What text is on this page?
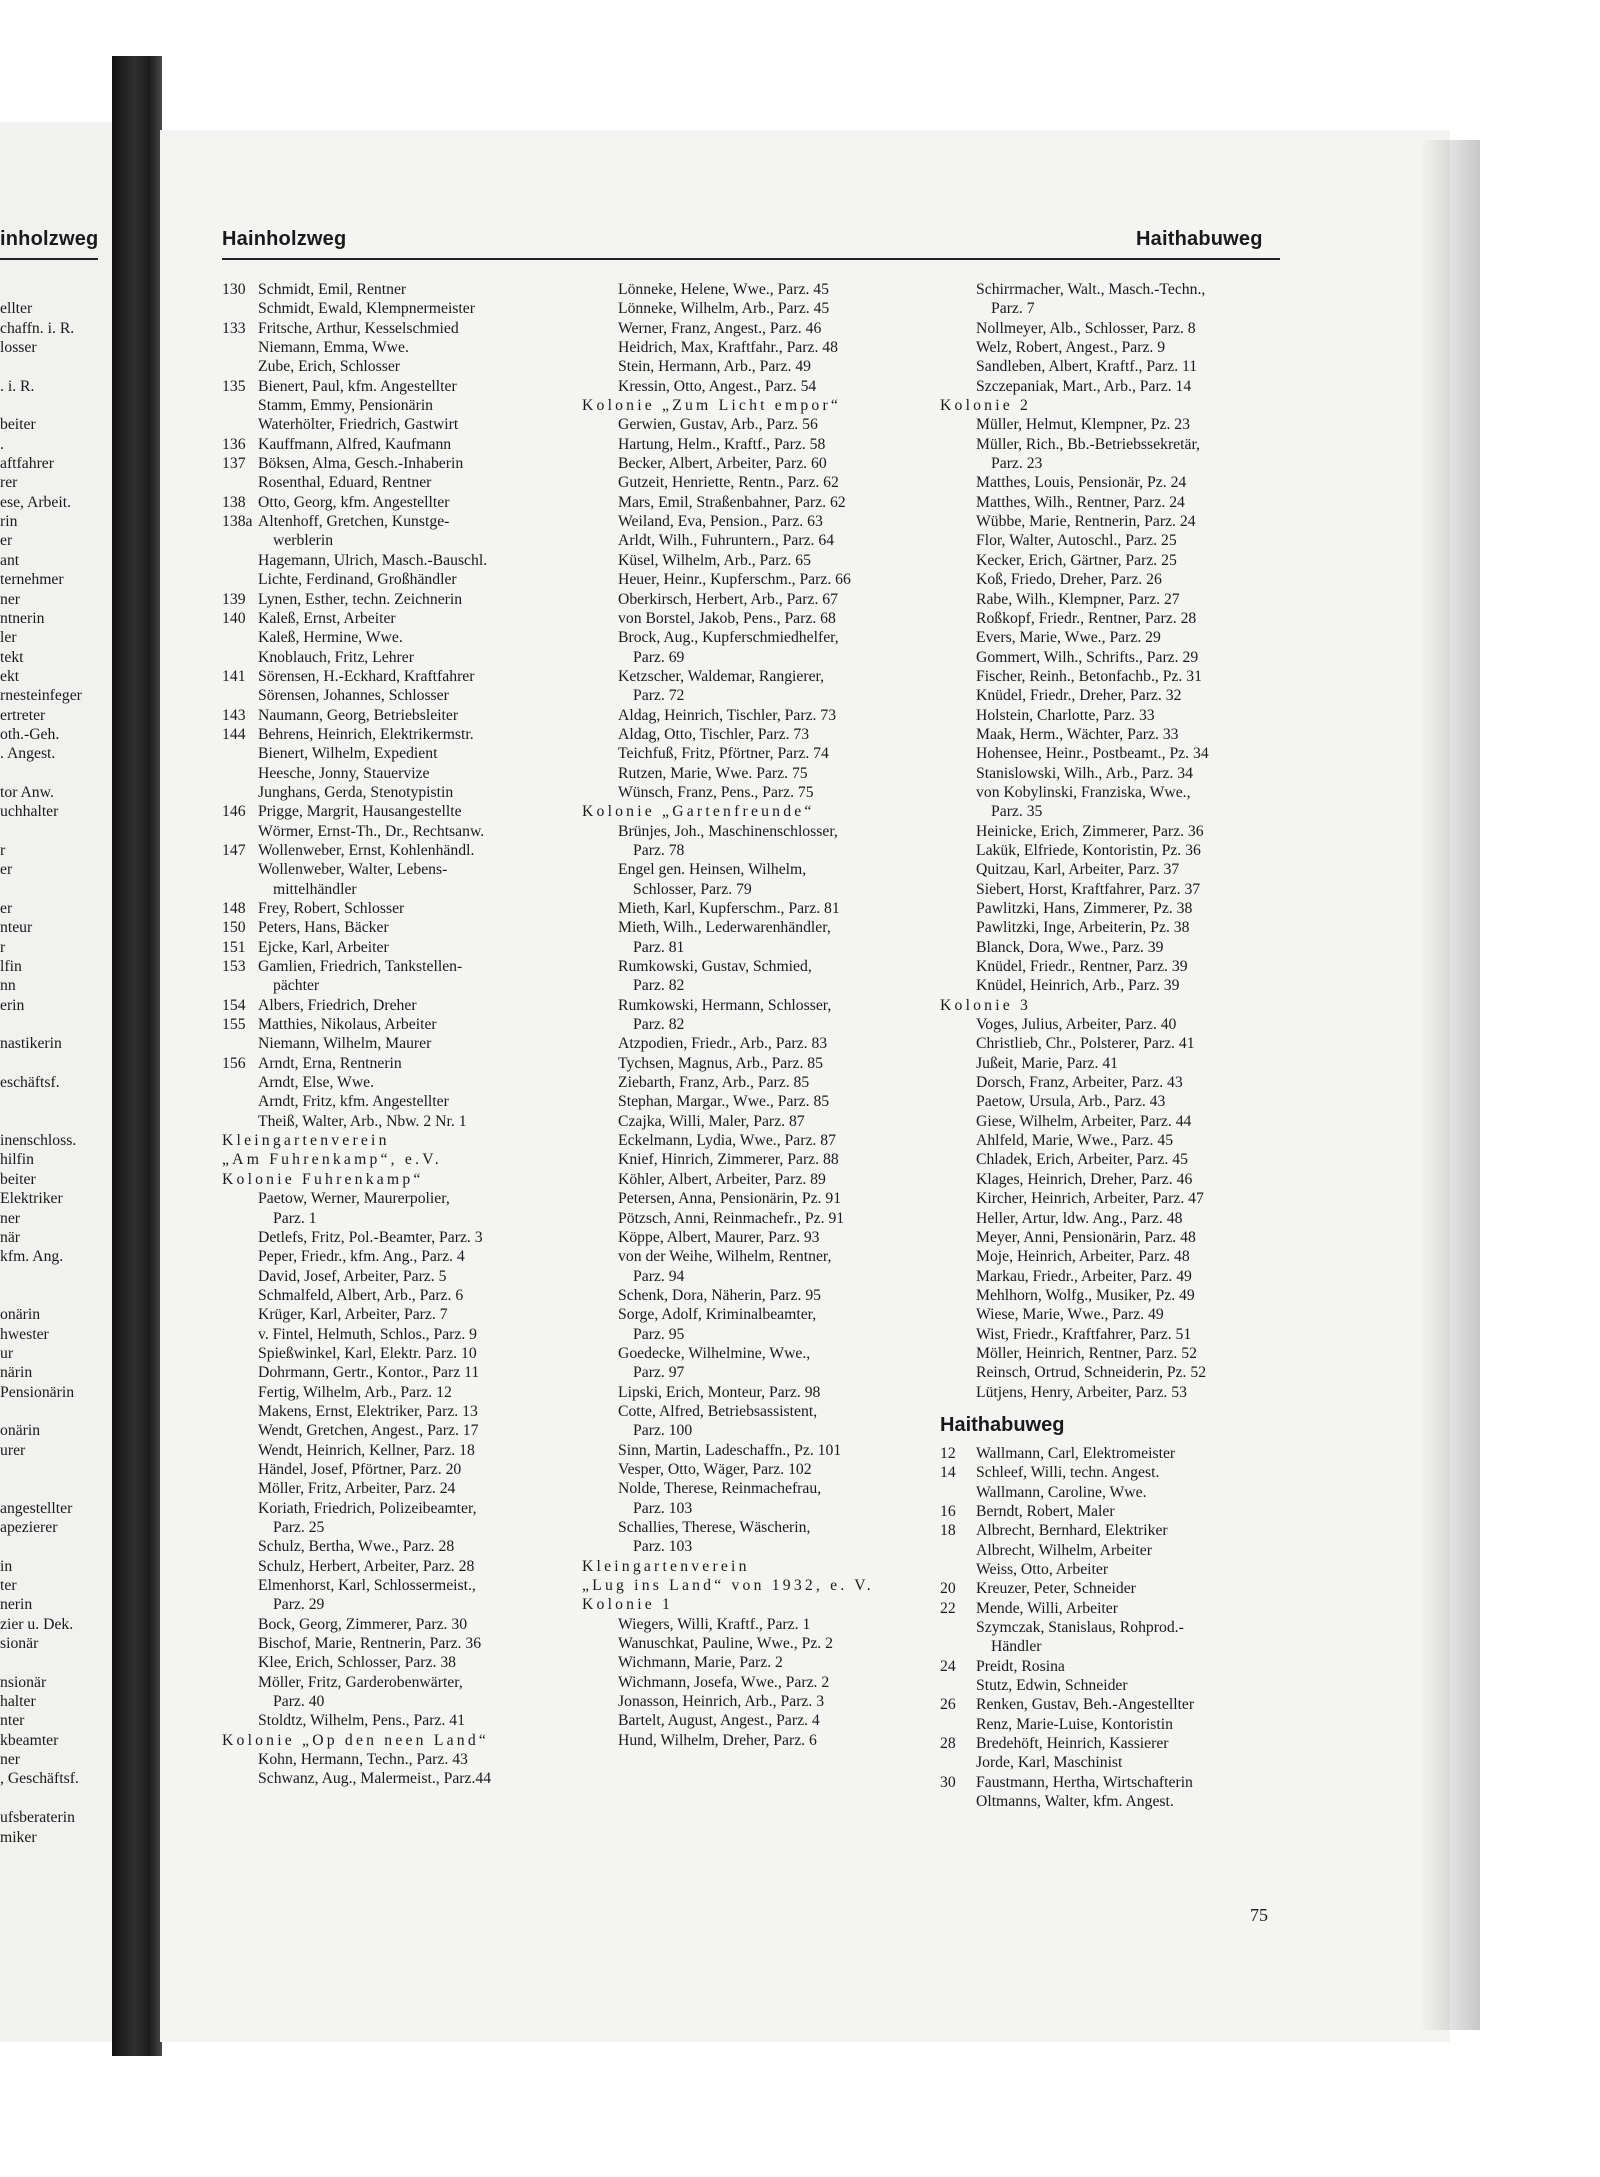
inholzweg
ellter
chaffn. i. R.
losser
. i. R.
beiter
.
aftfahrer
rer
ese, Arbeit.
rin
er
ant
ternehmer
ner
ntnerin
ler
tekt
ekt
rnesteinfeger
ertreter
oth.-Geh.
. Angest.
tor Anw.
uchhalter
r
er
er
nteur
r
lfin
nn
erin
nastikerin
eschäftsf.
inenschloss.
hilfin
beiter
Elektriker
ner
när
kfm. Ang.
onärin
hwester
ur
närin
Pensionärin
onärin
urer
angestellter
apezierer
in
ter
nerin
zier u. Dek.
sionär
nsionär
halter
nter
kbeamter
ner
, Geschäftsf.
ufsberaterin
miker
Hainholzweg	Haithabuweg
130 Schmidt, Emil, Rentner
Schmidt, Ewald, Klempnermeister
133 Fritsche, Arthur, Kesselschmied
Niemann, Emma, Wwe.
Zube, Erich, Schlosser
135 Bienert, Paul, kfm. Angestellter
Stamm, Emmy, Pensionärin
Waterhölter, Friedrich, Gastwirt
136 Kauffmann, Alfred, Kaufmann
137 Böksen, Alma, Gesch.-Inhaberin
Rosenthal, Eduard, Rentner
138 Otto, Georg, kfm. Angestellter
138a Altenhoff, Gretchen, Kunstge-
werblerin
Hagemann, Ulrich, Masch.-Bauschl.
Lichte, Ferdinand, Großhändler
139 Lynen, Esther, techn. Zeichnerin
140 Kaleß, Ernst, Arbeiter
Kaleß, Hermine, Wwe.
Knoblauch, Fritz, Lehrer
141 Sörensen, H.-Eckhard, Kraftfahrer
Sörensen, Johannes, Schlosser
143 Naumann, Georg, Betriebsleiter
144 Behrens, Heinrich, Elektrikermstr.
Bienert, Wilhelm, Expedient
Heesche, Jonny, Stauervize
Junghans, Gerda, Stenotypistin
146 Prigge, Margrit, Hausangestellte
Wörmer, Ernst-Th., Dr., Rechtsanw.
147 Wollenweber, Ernst, Kohlenhändl.
Wollenweber, Walter, Lebens-
mittelhändler
148 Frey, Robert, Schlosser
150 Peters, Hans, Bäcker
151 Ejcke, Karl, Arbeiter
153 Gamlien, Friedrich, Tankstellen-
pächter
154 Albers, Friedrich, Dreher
155 Matthies, Nikolaus, Arbeiter
Niemann, Wilhelm, Maurer
156 Arndt, Erna, Rentnerin
Arndt, Else, Wwe.
Arndt, Fritz, kfm. Angestellter
Theiß, Walter, Arb., Nbw. 2 Nr. 1
Kleingartenverein
„Am Fuhrenkamp“, e.V.
Kolonie Fuhrenkamp“
Paetow, Werner, Maurerpolier,
Parz. 1
Detlefs, Fritz, Pol.-Beamter, Parz. 3
Peper, Friedr., kfm. Ang., Parz. 4
David, Josef, Arbeiter, Parz. 5
Schmalfeld, Albert, Arb., Parz. 6
Krüger, Karl, Arbeiter, Parz. 7
v. Fintel, Helmuth, Schlos., Parz. 9
Spießwinkel, Karl, Elektr. Parz. 10
Dohrmann, Gertr., Kontor., Parz 11
Fertig, Wilhelm, Arb., Parz. 12
Makens, Ernst, Elektriker, Parz. 13
Wendt, Gretchen, Angest., Parz. 17
Wendt, Heinrich, Kellner, Parz. 18
Händel, Josef, Pförtner, Parz. 20
Möller, Fritz, Arbeiter, Parz. 24
Koriath, Friedrich, Polizeibeamter,
Parz. 25
Schulz, Bertha, Wwe., Parz. 28
Schulz, Herbert, Arbeiter, Parz. 28
Elmenhorst, Karl, Schlossermeist.,
Parz. 29
Bock, Georg, Zimmerer, Parz. 30
Bischof, Marie, Rentnerin, Parz. 36
Klee, Erich, Schlosser, Parz. 38
Möller, Fritz, Garderobenwärter,
Parz. 40
Stoldtz, Wilhelm, Pens., Parz. 41
Kolonie „Op den neen Land“
Kohn, Hermann, Techn., Parz. 43
Schwanz, Aug., Malermeist., Parz.44
Lönneke, Helene, Wwe., Parz. 45
Lönneke, Wilhelm, Arb., Parz. 45
Werner, Franz, Angest., Parz. 46
Heidrich, Max, Kraftfahr., Parz. 48
Stein, Hermann, Arb., Parz. 49
Kressin, Otto, Angest., Parz. 54
Kolonie „Zum Licht empor“
Gerwien, Gustav, Arb., Parz. 56
Hartung, Helm., Kraftf., Parz. 58
Becker, Albert, Arbeiter, Parz. 60
Gutzeit, Henriette, Rentn., Parz. 62
Mars, Emil, Straßenbahner, Parz. 62
Weiland, Eva, Pension., Parz. 63
Arldt, Wilh., Fuhruntern., Parz. 64
Küsel, Wilhelm, Arb., Parz. 65
Heuer, Heinr., Kupferschm., Parz. 66
Oberkirsch, Herbert, Arb., Parz. 67
von Borstel, Jakob, Pens., Parz. 68
Brock, Aug., Kupferschmiedhelfer,
Parz. 69
Ketzscher, Waldemar, Rangierer,
Parz. 72
Aldag, Heinrich, Tischler, Parz. 73
Aldag, Otto, Tischler, Parz. 73
Teichfuß, Fritz, Pförtner, Parz. 74
Rutzen, Marie, Wwe. Parz. 75
Wünsch, Franz, Pens., Parz. 75
Kolonie „Gartenfreunde“
Brünjes, Joh., Maschinenschlosser,
Parz. 78
Engel gen. Heinsen, Wilhelm,
Schlosser, Parz. 79
Mieth, Karl, Kupferschm., Parz. 81
Mieth, Wilh., Lederwarenhändler,
Parz. 81
Rumkowski, Gustav, Schmied,
Parz. 82
Rumkowski, Hermann, Schlosser,
Parz. 82
Atzpodien, Friedr., Arb., Parz. 83
Tychsen, Magnus, Arb., Parz. 85
Ziebarth, Franz, Arb., Parz. 85
Stephan, Margar., Wwe., Parz. 85
Czajka, Willi, Maler, Parz. 87
Eckelmann, Lydia, Wwe., Parz. 87
Knief, Hinrich, Zimmerer, Parz. 88
Köhler, Albert, Arbeiter, Parz. 89
Petersen, Anna, Pensionärin, Pz. 91
Pötzsch, Anni, Reinmachefr., Pz. 91
Köppe, Albert, Maurer, Parz. 93
von der Weihe, Wilhelm, Rentner,
Parz. 94
Schenk, Dora, Näherin, Parz. 95
Sorge, Adolf, Kriminalbeamter,
Parz. 95
Goedecke, Wilhelmine, Wwe.,
Parz. 97
Lipski, Erich, Monteur, Parz. 98
Cotte, Alfred, Betriebsassistent,
Parz. 100
Sinn, Martin, Ladeschaffn., Pz. 101
Vesper, Otto, Wäger, Parz. 102
Nolde, Therese, Reinmachefrau,
Parz. 103
Schallies, Therese, Wäscherin,
Parz. 103
Kleingartenverein
„Lug ins Land“ von 1932, e. V.
Kolonie 1
Wiegers, Willi, Kraftf., Parz. 1
Wanuschkat, Pauline, Wwe., Pz. 2
Wichmann, Marie, Parz. 2
Wichmann, Josefa, Wwe., Parz. 2
Jonasson, Heinrich, Arb., Parz. 3
Bartelt, August, Angest., Parz. 4
Hund, Wilhelm, Dreher, Parz. 6
Schirrmacher, Walt., Masch.-Techn.,
Parz. 7
Nollmeyer, Alb., Schlosser, Parz. 8
Welz, Robert, Angest., Parz. 9
Sandleben, Albert, Kraftf., Parz. 11
Szczepaniak, Mart., Arb., Parz. 14
Kolonie 2
Müller, Helmut, Klempner, Pz. 23
Müller, Rich., Bb.-Betriebssekretär,
Parz. 23
Matthes, Louis, Pensionär, Pz. 24
Matthes, Wilh., Rentner, Parz. 24
Wübbe, Marie, Rentnerin, Parz. 24
Flor, Walter, Autoschl., Parz. 25
Kecker, Erich, Gärtner, Parz. 25
Koß, Friedo, Dreher, Parz. 26
Rabe, Wilh., Klempner, Parz. 27
Roßkopf, Friedr., Rentner, Parz. 28
Evers, Marie, Wwe., Parz. 29
Gommert, Wilh., Schrifts., Parz. 29
Fischer, Reinh., Betonfachb., Pz. 31
Knüdel, Friedr., Dreher, Parz. 32
Holstein, Charlotte, Parz. 33
Maak, Herm., Wächter, Parz. 33
Hohensee, Heinr., Postbeamt., Pz. 34
Stanislowski, Wilh., Arb., Parz. 34
von Kobylinski, Franziska, Wwe.,
Parz. 35
Heinicke, Erich, Zimmerer, Parz. 36
Lakük, Elfriede, Kontoristin, Pz. 36
Quitzau, Karl, Arbeiter, Parz. 37
Siebert, Horst, Kraftfahrer, Parz. 37
Pawlitzki, Hans, Zimmerer, Pz. 38
Pawlitzki, Inge, Arbeiterin, Pz. 38
Blanck, Dora, Wwe., Parz. 39
Knüdel, Friedr., Rentner, Parz. 39
Knüdel, Heinrich, Arb., Parz. 39
Kolonie 3
Voges, Julius, Arbeiter, Parz. 40
Christlieb, Chr., Polsterer, Parz. 41
Jußeit, Marie, Parz. 41
Dorsch, Franz, Arbeiter, Parz. 43
Paetow, Ursula, Arb., Parz. 43
Giese, Wilhelm, Arbeiter, Parz. 44
Ahlfeld, Marie, Wwe., Parz. 45
Chladek, Erich, Arbeiter, Parz. 45
Klages, Heinrich, Dreher, Parz. 46
Kircher, Heinrich, Arbeiter, Parz. 47
Heller, Artur, ldw. Ang., Parz. 48
Meyer, Anni, Pensionärin, Parz. 48
Moje, Heinrich, Arbeiter, Parz. 48
Markau, Friedr., Arbeiter, Parz. 49
Mehlhorn, Wolfg., Musiker, Pz. 49
Wiese, Marie, Wwe., Parz. 49
Wist, Friedr., Kraftfahrer, Parz. 51
Möller, Heinrich, Rentner, Parz. 52
Reinsch, Ortrud, Schneiderin, Pz. 52
Lütjens, Henry, Arbeiter, Parz. 53
Haithabuweg
12	Wallmann, Carl, Elektromeister
14	Schleef, Willi, techn. Angest.
Wallmann, Caroline, Wwe.
16	Berndt, Robert, Maler
18	Albrecht, Bernhard, Elektriker
Albrecht, Wilhelm, Arbeiter
Weiss, Otto, Arbeiter
20	Kreuzer, Peter, Schneider
22	Mende, Willi, Arbeiter
Szymczak, Stanislaus, Rohprod.-
Händler
24	Preidt, Rosina
Stutz, Edwin, Schneider
26	Renken, Gustav, Beh.-Angestellter
Renz, Marie-Luise, Kontoristin
28	Bredehöft, Heinrich, Kassierer
Jorde, Karl, Maschinist
30	Faustmann, Hertha, Wirtschafterin
Oltmanns, Walter, kfm. Angest.
75
